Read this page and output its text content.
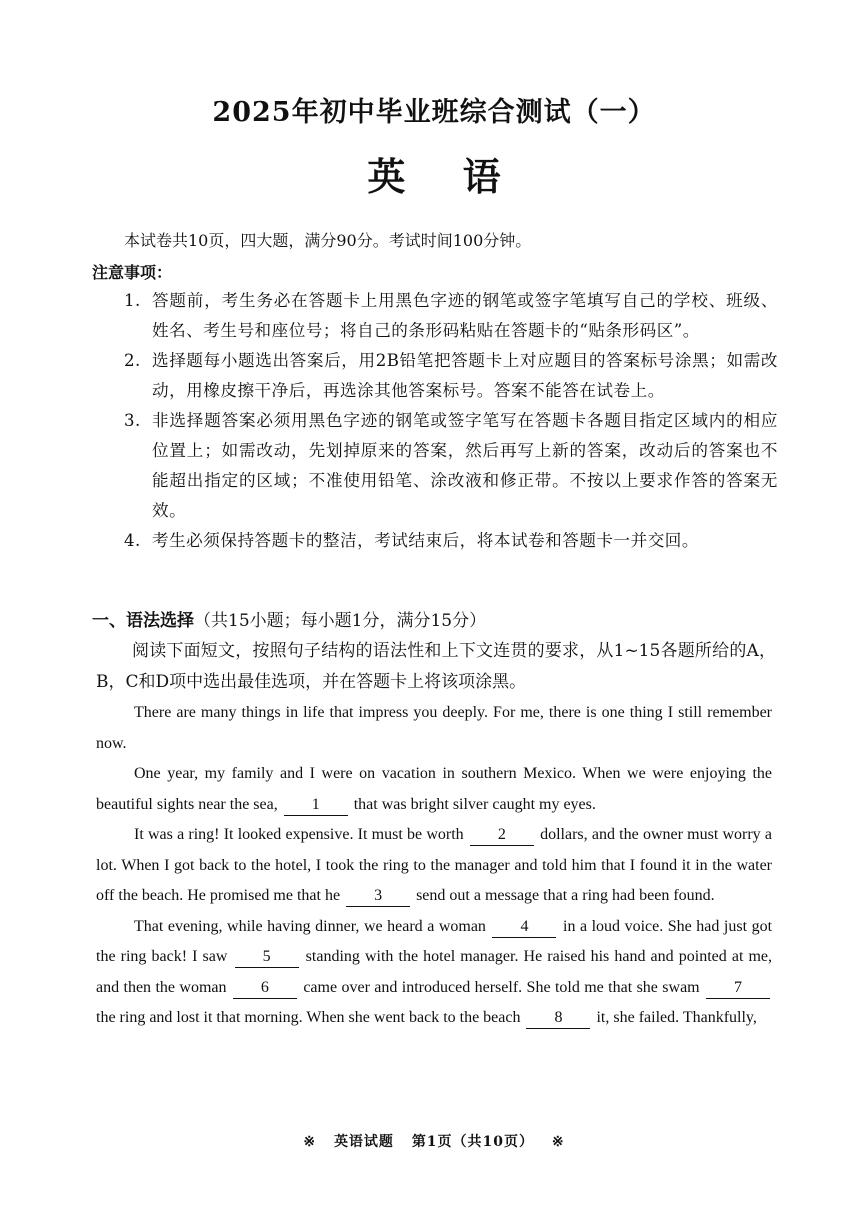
2025年初中毕业班综合测试（一）
英 语
本试卷共10页，四大题，满分90分。考试时间100分钟。
注意事项：
1. 答题前，考生务必在答题卡上用黑色字迹的钢笔或签字笔填写自己的学校、班级、姓名、考生号和座位号；将自己的条形码粘贴在答题卡的“贴条形码区”。
2. 选择题每小题选出答案后，用2B铅笔把答题卡上对应题目的答案标号涂黑；如需改动，用橡皮擦干净后，再选涂其他答案标号。答案不能答在试卷上。
3. 非选择题答案必须用黑色字迹的钢笔或签字笔写在答题卡各题目指定区域内的相应位置上；如需改动，先划掉原来的答案，然后再写上新的答案，改动后的答案也不能超出指定的区域；不准使用铅笔、涂改液和修正带。不按以上要求作答的答案无效。
4. 考生必须保持答题卡的整洁，考试结束后，将本试卷和答题卡一并交回。
一、语法选择（共15小题；每小题1分，满分15分）

阅读下面短文，按照句子结构的语法性和上下文连贯的要求，从1~15各题所给的A，B，C和D项中选出最佳选项，并在答题卡上将该项涂黑。

There are many things in life that impress you deeply. For me, there is one thing I still remember now.

One year, my family and I were on vacation in southern Mexico. When we were enjoying the beautiful sights near the sea, 1 that was bright silver caught my eyes.

It was a ring! It looked expensive. It must be worth 2 dollars, and the owner must worry a lot. When I got back to the hotel, I took the ring to the manager and told him that I found it in the water off the beach. He promised me that he 3 send out a message that a ring had been found.

That evening, while having dinner, we heard a woman 4 in a loud voice. She had just got the ring back! I saw 5 standing with the hotel manager. He raised his hand and pointed at me, and then the woman 6 came over and introduced herself. She told me that she swam 7 the ring and lost it that morning. When she went back to the beach 8 it, she failed. Thankfully,

※ 英语试题 第1页（共10页） ※
